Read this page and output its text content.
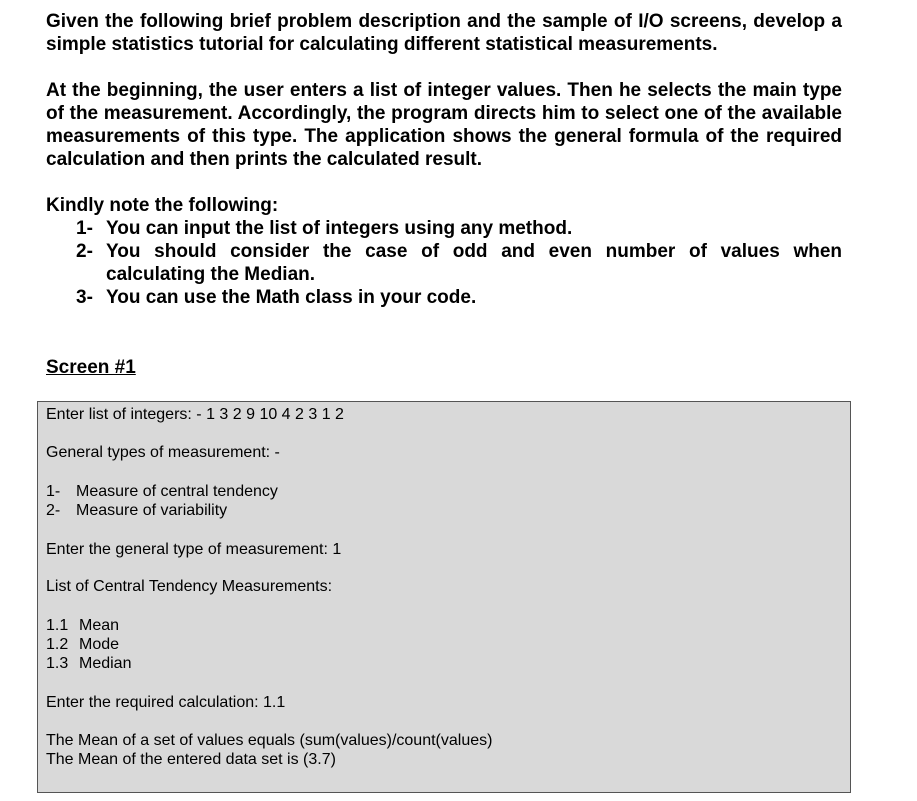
Given the following brief problem description and the sample of I/O screens, develop a simple statistics tutorial for calculating different statistical measurements.

At the beginning, the user enters a list of integer values. Then he selects the main type of the measurement. Accordingly, the program directs him to select one of the available measurements of this type. The application shows the general formula of the required calculation and then prints the calculated result.

Kindly note the following:

1- You can input the list of integers using any method.
2- You should consider the case of odd and even number of values when calculating the Median.
3- You can use the Math class in your code.

Screen #1

Enter list of integers: - 1 3 2 9 10 4 2 3 1 2
General types of measurement: -
1- Measure of central tendency
2- Measure of variability
Enter the general type of measurement: 1
List of Central Tendency Measurements:
1.1 Mean
1.2 Mode
1.3 Median
Enter the required calculation: 1.1
The Mean of a set of values equals (sum(values)/count(values)
The Mean of the entered data set is (3.7)
